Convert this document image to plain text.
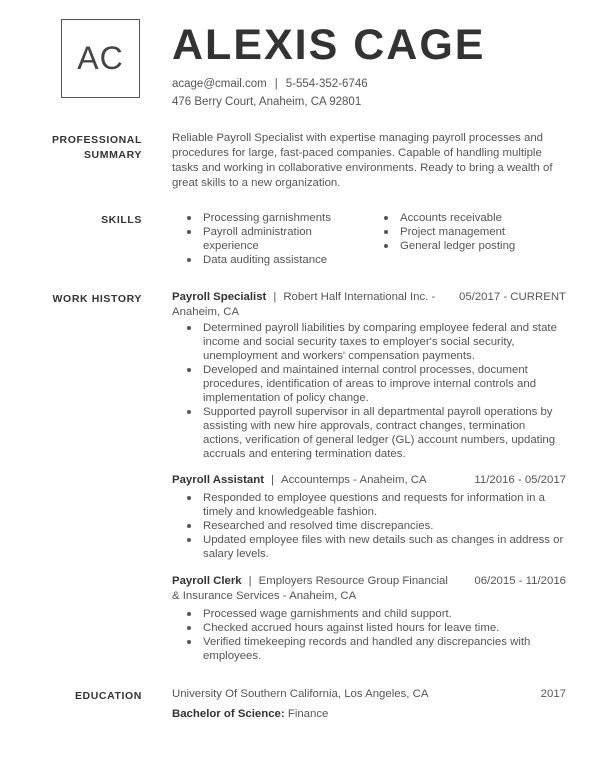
AC ALEXIS CAGE
acage@cmail.com | 5-554-352-6746
476 Berry Court, Anaheim, CA 92801
PROFESSIONAL
SUMMARY

Reliable Payroll Specialist with expertise managing payroll processes and procedures for large, fast-paced companies. Capable of handling multiple tasks and working in collaborative environments. Ready to bring a wealth of great skills to a new organization.

SKILLS	Processing garnishments
Payroll administration experience
Data auditing assistance
Accounts receivable
Project management
General ledger posting
WORK HISTORY	Payroll Specialist | Robert Half International Inc. - Anaheim, CA
05/2017 - CURRENT
Determined payroll liabilities by comparing employee federal and state income and social security taxes to employer's social security, unemployment and workers' compensation payments.
Developed and maintained internal control processes, document procedures, identification of areas to improve internal controls and implementation of policy change.
Supported payroll supervisor in all departmental payroll operations by assisting with new hire approvals, contract changes, termination actions, verification of general ledger (GL) account numbers, updating accruals and entering termination dates.
Payroll Assistant | Accountemps - Anaheim, CA	11/2016 - 05/2017
Responded to employee questions and requests for information in a timely and knowledgeable fashion.
Researched and resolved time discrepancies.
Updated employee files with new details such as changes in address or salary levels.
Payroll Clerk | Employers Resource Group Financial & Insurance Services - Anaheim, CA
06/2015 - 11/2016
Processed wage garnishments and child support.
Checked accrued hours against listed hours for leave time.
Verified timekeeping records and handled any discrepancies with employees.
EDUCATION	University Of Southern California, Los Angeles, CA	2017
Bachelor of Science: Finance
